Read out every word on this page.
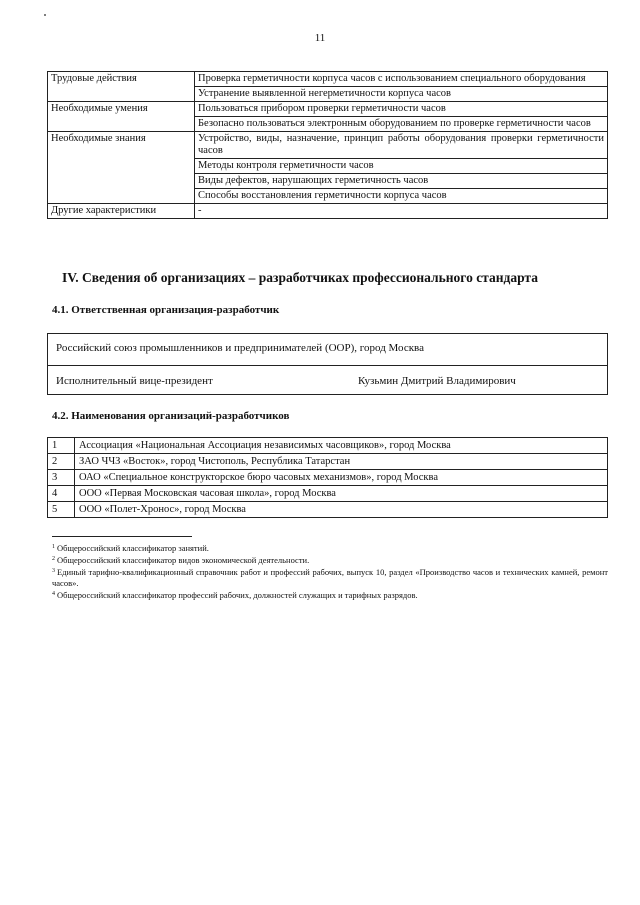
11
Трудовые действия	Проверка герметичности корпуса часов с использованием специального оборудования
	Устранение выявленной негерметичности корпуса часов
Необходимые умения	Пользоваться прибором проверки герметичности часов
	Безопасно пользоваться электронным оборудованием по проверке герметичности часов
Необходимые знания	Устройство, виды, назначение, принцип работы оборудования проверки герметичности часов
	Методы контроля герметичности часов
	Виды дефектов, нарушающих герметичность часов
	Способы восстановления герметичности корпуса часов
Другие характеристики	-
IV. Сведения об организациях – разработчиках профессионального стандарта
4.1. Ответственная организация-разработчик
Российский союз промышленников и предпринимателей (ООР), город Москва
Исполнительный вице-президент	Кузьмин Дмитрий Владимирович
4.2. Наименования организаций-разработчиков
1	Ассоциация «Национальная Ассоциация независимых часовщиков», город Москва
2	ЗАО ЧЧЗ «Восток», город Чистополь, Республика Татарстан
3	ОАО «Специальное конструкторское бюро часовых механизмов», город Москва
4	ООО «Первая Московская часовая школа», город Москва
5	ООО «Полет-Хронос», город Москва

$^1$ Общероссийский классификатор занятий.

$^2$ Общероссийский классификатор видов экономической деятельности.

$^3$ Единый тарифно-квалификационный справочник работ и профессий рабочих, выпуск 10, раздел «Производство часов и технических камней, ремонт часов».

$^4$ Общероссийский классификатор профессий рабочих, должностей служащих и тарифных разрядов.
